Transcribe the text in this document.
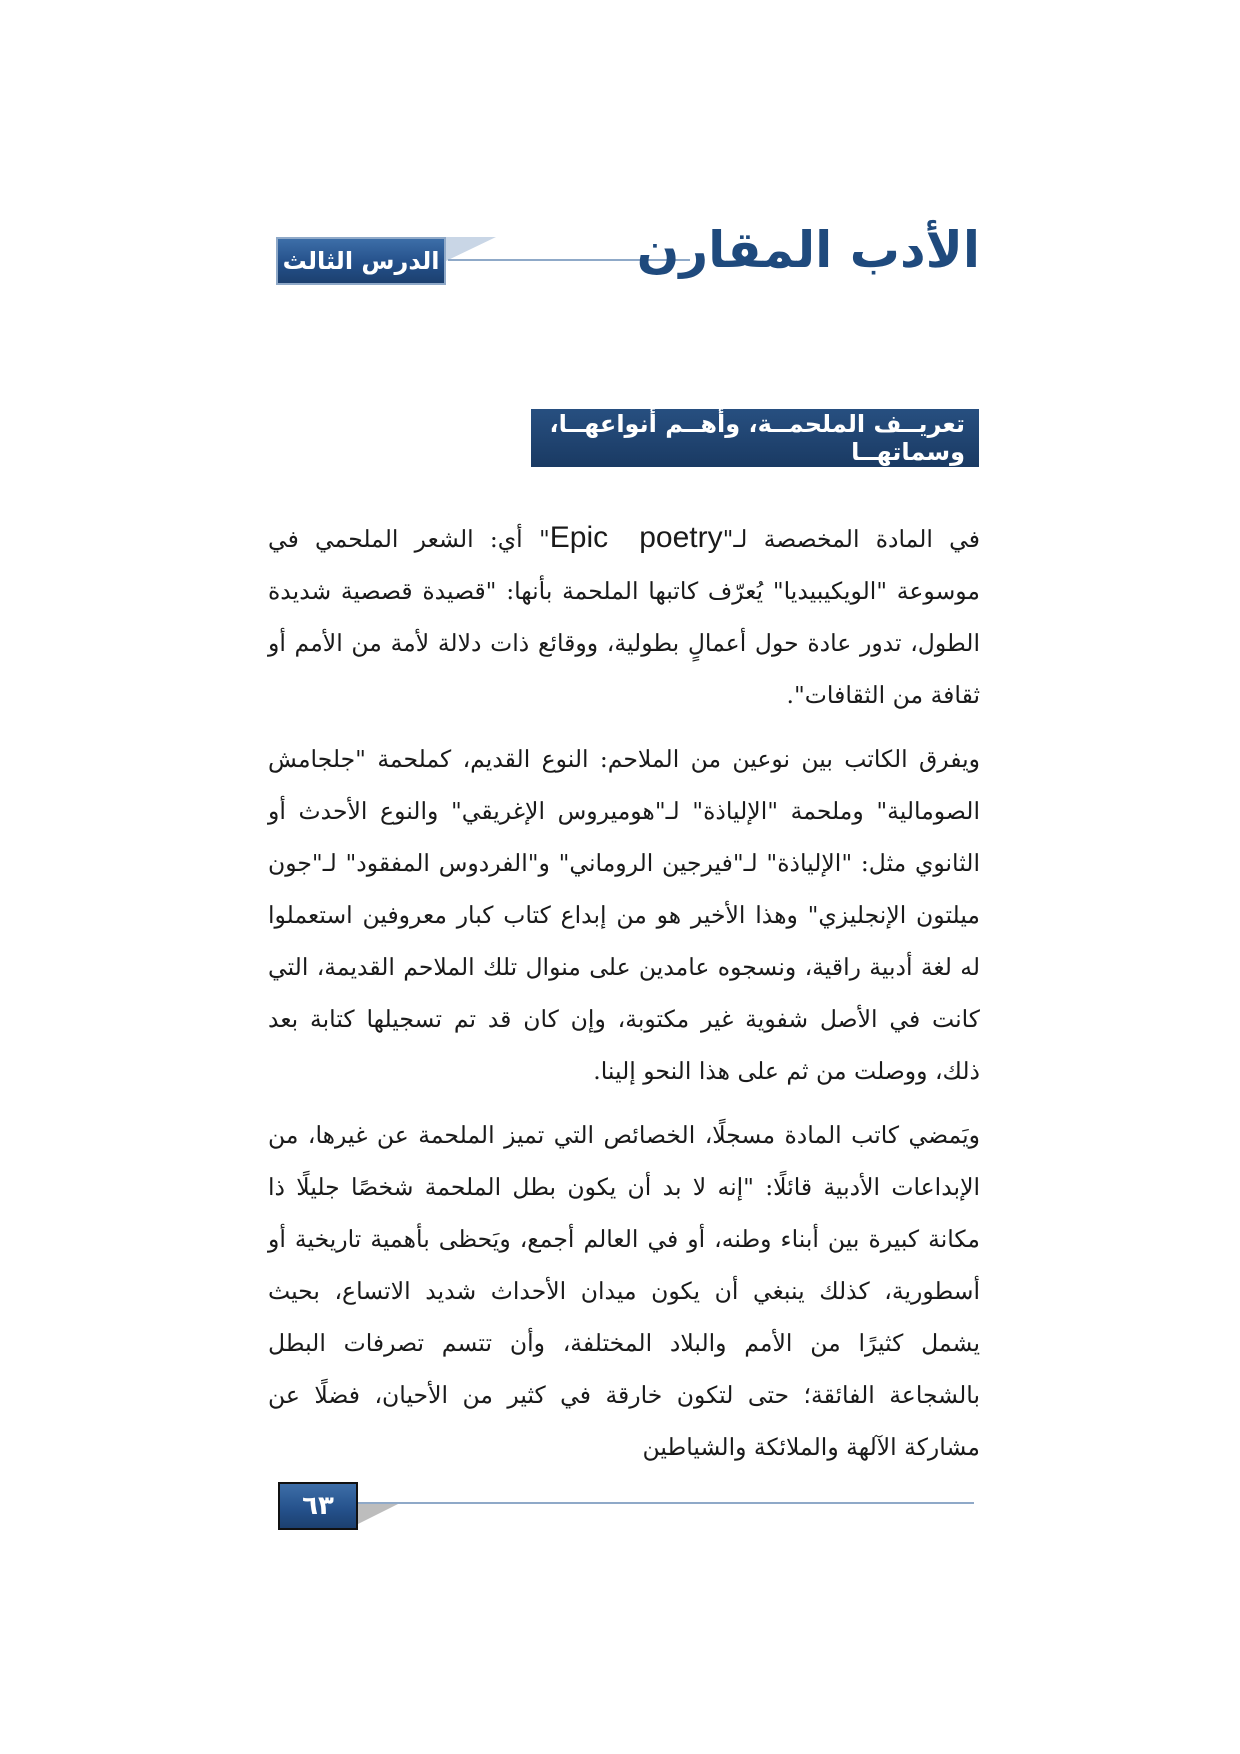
الدرس الثالث	الأدب المقارن
تعريــف الملحمــة، وأهــم أنواعهــا، وسماتهــا

في المادة المخصصة لـ"Epic poetry" أي: الشعر الملحمي في موسوعة "الويكيبيديا" يُعرّف كاتبها الملحمة بأنها: "قصيدة قصصية شديدة الطول، تدور عادة حول أعمالٍ بطولية، ووقائع ذات دلالة لأمة من الأمم أو ثقافة من الثقافات".

ويفرق الكاتب بين نوعين من الملاحم: النوع القديم، كملحمة "جلجامش الصومالية" وملحمة "الإلياذة" لـ"هوميروس الإغريقي" والنوع الأحدث أو الثانوي مثل: "الإلياذة" لـ"فيرجين الروماني" و"الفردوس المفقود" لـ"جون ميلتون الإنجليزي" وهذا الأخير هو من إبداع كتاب كبار معروفين استعملوا له لغة أدبية راقية، ونسجوه عامدين على منوال تلك الملاحم القديمة، التي كانت في الأصل شفوية غير مكتوبة، وإن كان قد تم تسجيلها كتابة بعد ذلك، ووصلت من ثم على هذا النحو إلينا.

ويَمضي كاتب المادة مسجلًا، الخصائص التي تميز الملحمة عن غيرها، من الإبداعات الأدبية قائلًا: "إنه لا بد أن يكون بطل الملحمة شخصًا جليلًا ذا مكانة كبيرة بين أبناء وطنه، أو في العالم أجمع، ويَحظى بأهمية تاريخية أو أسطورية، كذلك ينبغي أن يكون ميدان الأحداث شديد الاتساع، بحيث يشمل كثيرًا من الأمم والبلاد المختلفة، وأن تتسم تصرفات البطل بالشجاعة الفائقة؛ حتى لتكون خارقة في كثير من الأحيان، فضلًا عن مشاركة الآلهة والملائكة والشياطين

٦٣
